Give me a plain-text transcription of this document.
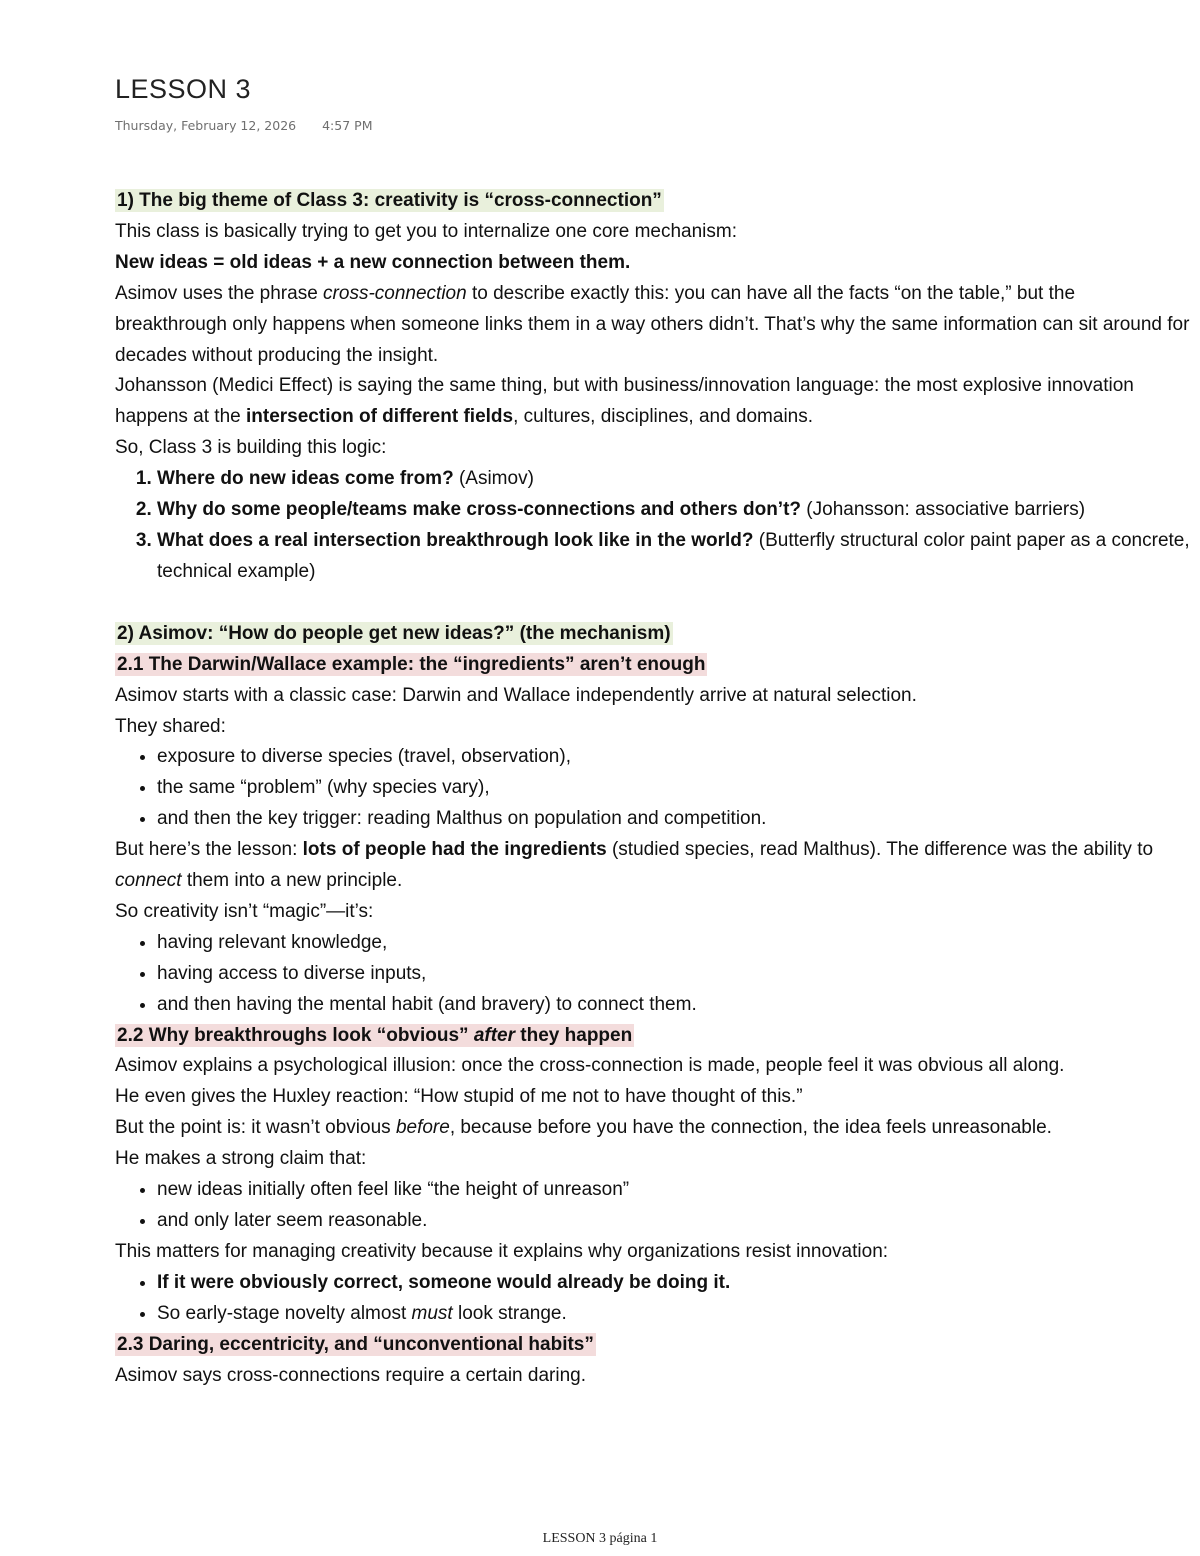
LESSON 3
Thursday, February 12, 2026 4:57 PM

1) The big theme of Class 3: creativity is “cross-connection”

This class is basically trying to get you to internalize one core mechanism:

New ideas = old ideas + a new connection between them.

Asimov uses the phrase cross-connection to describe exactly this: you can have all the facts “on the table,” but the breakthrough only happens when someone links them in a way others didn’t. That’s why the same information can sit around for decades without producing the insight.

Johansson (Medici Effect) is saying the same thing, but with business/innovation language: the most explosive innovation happens at the intersection of different fields, cultures, disciplines, and domains.

So, Class 3 is building this logic:

1. Where do new ideas come from? (Asimov)
2. Why do some people/teams make cross-connections and others don’t? (Johansson: associative barriers)
3. What does a real intersection breakthrough look like in the world? (Butterfly structural color paint paper as a concrete, technical example)

2) Asimov: “How do people get new ideas?” (the mechanism)

2.1 The Darwin/Wallace example: the “ingredients” aren’t enough

Asimov starts with a classic case: Darwin and Wallace independently arrive at natural selection.

They shared:

• exposure to diverse species (travel, observation),
• the same “problem” (why species vary),
• and then the key trigger: reading Malthus on population and competition.

But here’s the lesson: lots of people had the ingredients (studied species, read Malthus). The difference was the ability to connect them into a new principle.

So creativity isn’t “magic”—it’s:

• having relevant knowledge,
• having access to diverse inputs,
• and then having the mental habit (and bravery) to connect them.

2.2 Why breakthroughs look “obvious” after they happen

Asimov explains a psychological illusion: once the cross-connection is made, people feel it was obvious all along.

He even gives the Huxley reaction: “How stupid of me not to have thought of this.”

But the point is: it wasn’t obvious before, because before you have the connection, the idea feels unreasonable.

He makes a strong claim that:

• new ideas initially often feel like “the height of unreason”
• and only later seem reasonable.

This matters for managing creativity because it explains why organizations resist innovation:

• If it were obviously correct, someone would already be doing it.
• So early-stage novelty almost must look strange.

2.3 Daring, eccentricity, and “unconventional habits”

Asimov says cross-connections require a certain daring.

LESSON 3 página 1
